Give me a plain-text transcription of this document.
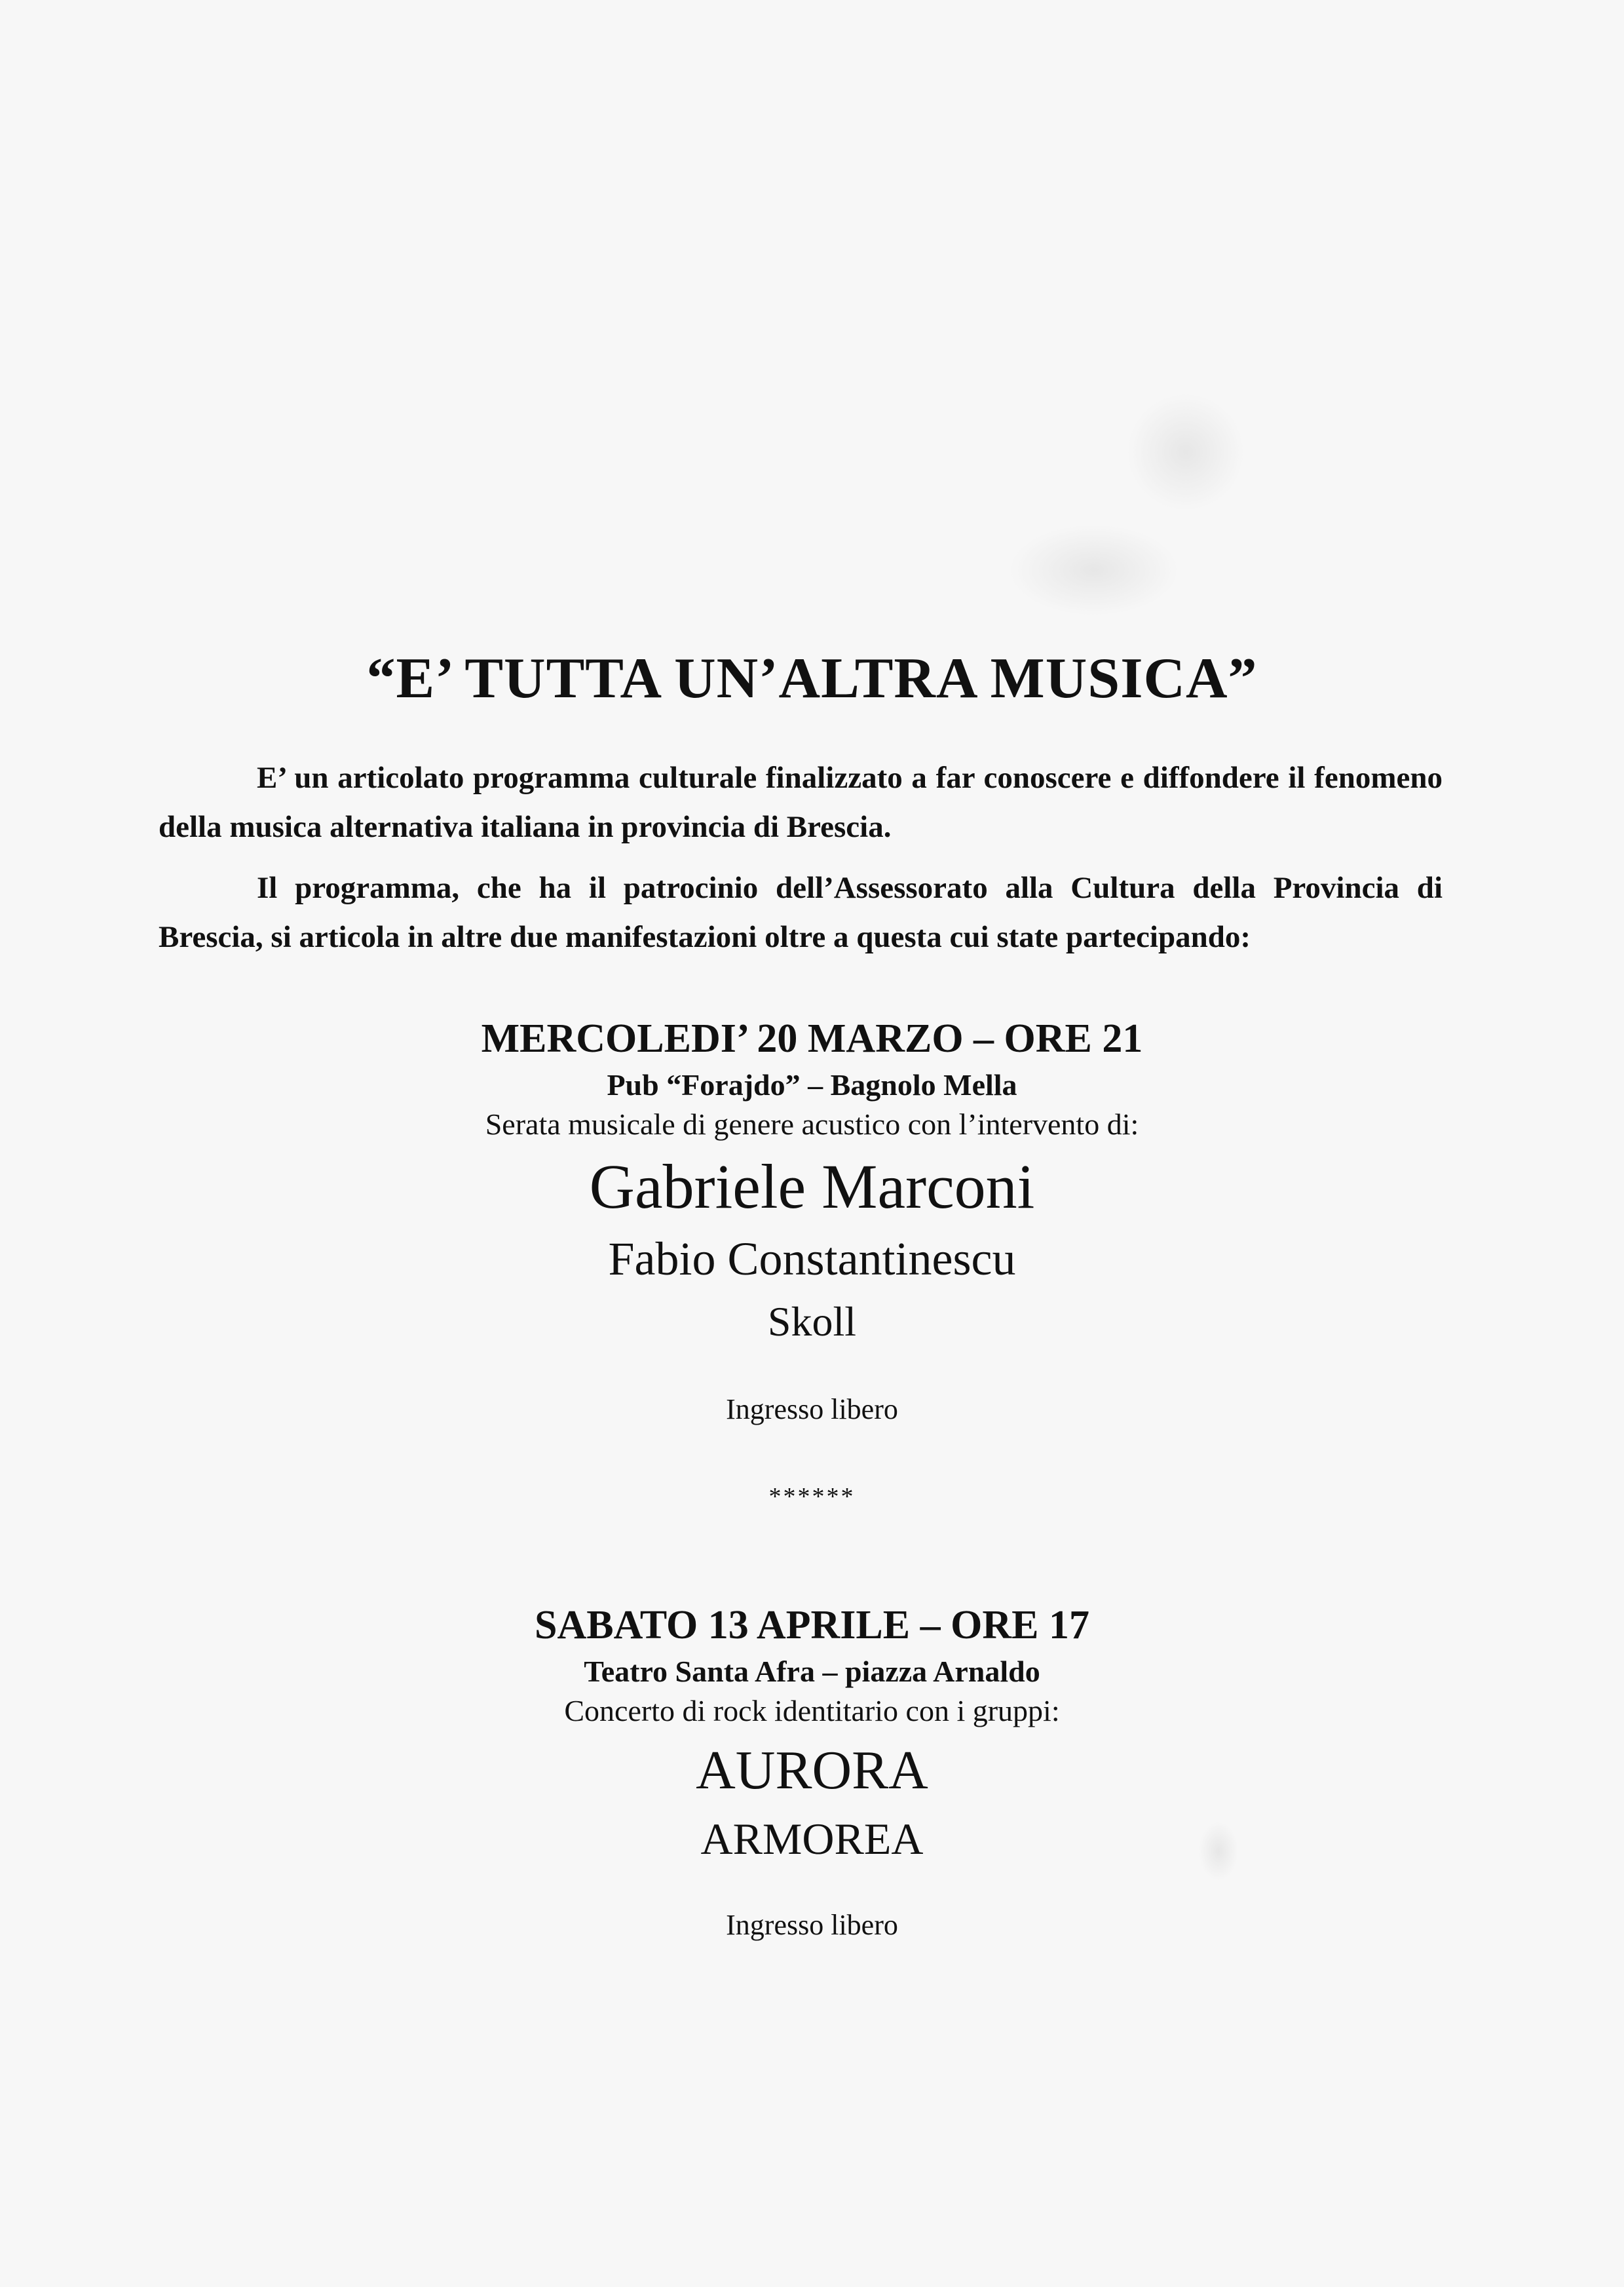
“E’ TUTTA UN’ALTRA MUSICA”
E’ un articolato programma culturale finalizzato a far conoscere e diffondere il fenomeno della musica alternativa italiana in provincia di Brescia.
Il programma, che ha il patrocinio dell’Assessorato alla Cultura della Provincia di Brescia, si articola in altre due manifestazioni oltre a questa cui state partecipando:
MERCOLEDI’ 20 MARZO – ORE 21
Pub “Forajdo” – Bagnolo Mella
Serata musicale di genere acustico con l’intervento di:
Gabriele Marconi
Fabio Constantinescu
Skoll
Ingresso libero
******
SABATO 13 APRILE – ORE 17
Teatro Santa Afra – piazza Arnaldo
Concerto di rock identitario con i gruppi:
AURORA
ARMOREA
Ingresso libero
